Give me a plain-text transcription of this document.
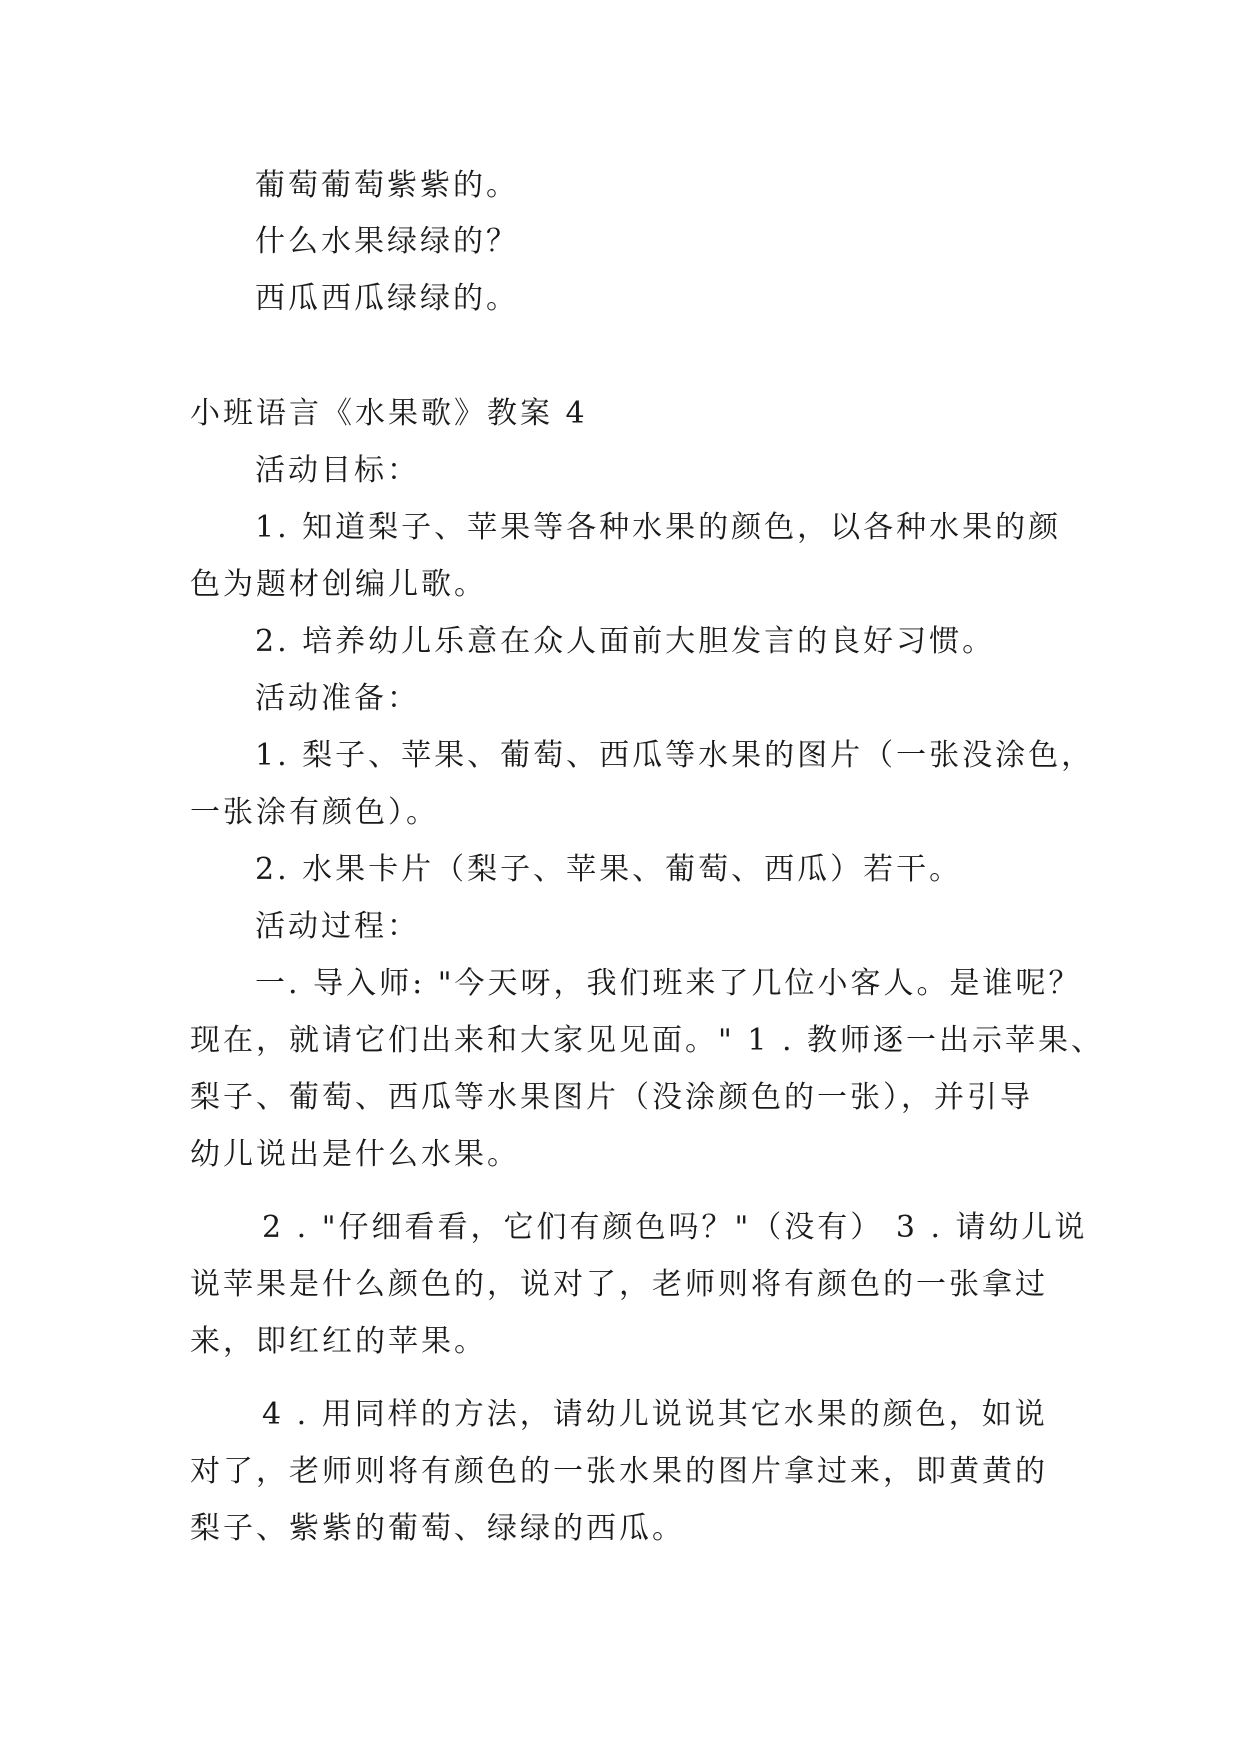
葡萄葡萄紫紫的。
什么水果绿绿的？
西瓜西瓜绿绿的。
小班语言《水果歌》教案 4
活动目标：
1. 知道梨子、苹果等各种水果的颜色，以各种水果的颜
色为题材创编儿歌。
2. 培养幼儿乐意在众人面前大胆发言的良好习惯。
活动准备：
1. 梨子、苹果、葡萄、西瓜等水果的图片（一张没涂色，
一张涂有颜色）。
2. 水果卡片（梨子、苹果、葡萄、西瓜）若干。
活动过程：
一. 导入师: "今天呀，我们班来了几位小客人。是谁呢？
现在，就请它们出来和大家见见面。" 1 . 教师逐一出示苹果、
梨子、葡萄、西瓜等水果图片（没涂颜色的一张），并引导
幼儿说出是什么水果。
2 . "仔细看看，它们有颜色吗？"（没有） 3 . 请幼儿说
说苹果是什么颜色的，说对了，老师则将有颜色的一张拿过
来，即红红的苹果。
4 . 用同样的方法，请幼儿说说其它水果的颜色，如说
对了，老师则将有颜色的一张水果的图片拿过来，即黄黄的
梨子、紫紫的葡萄、绿绿的西瓜。
